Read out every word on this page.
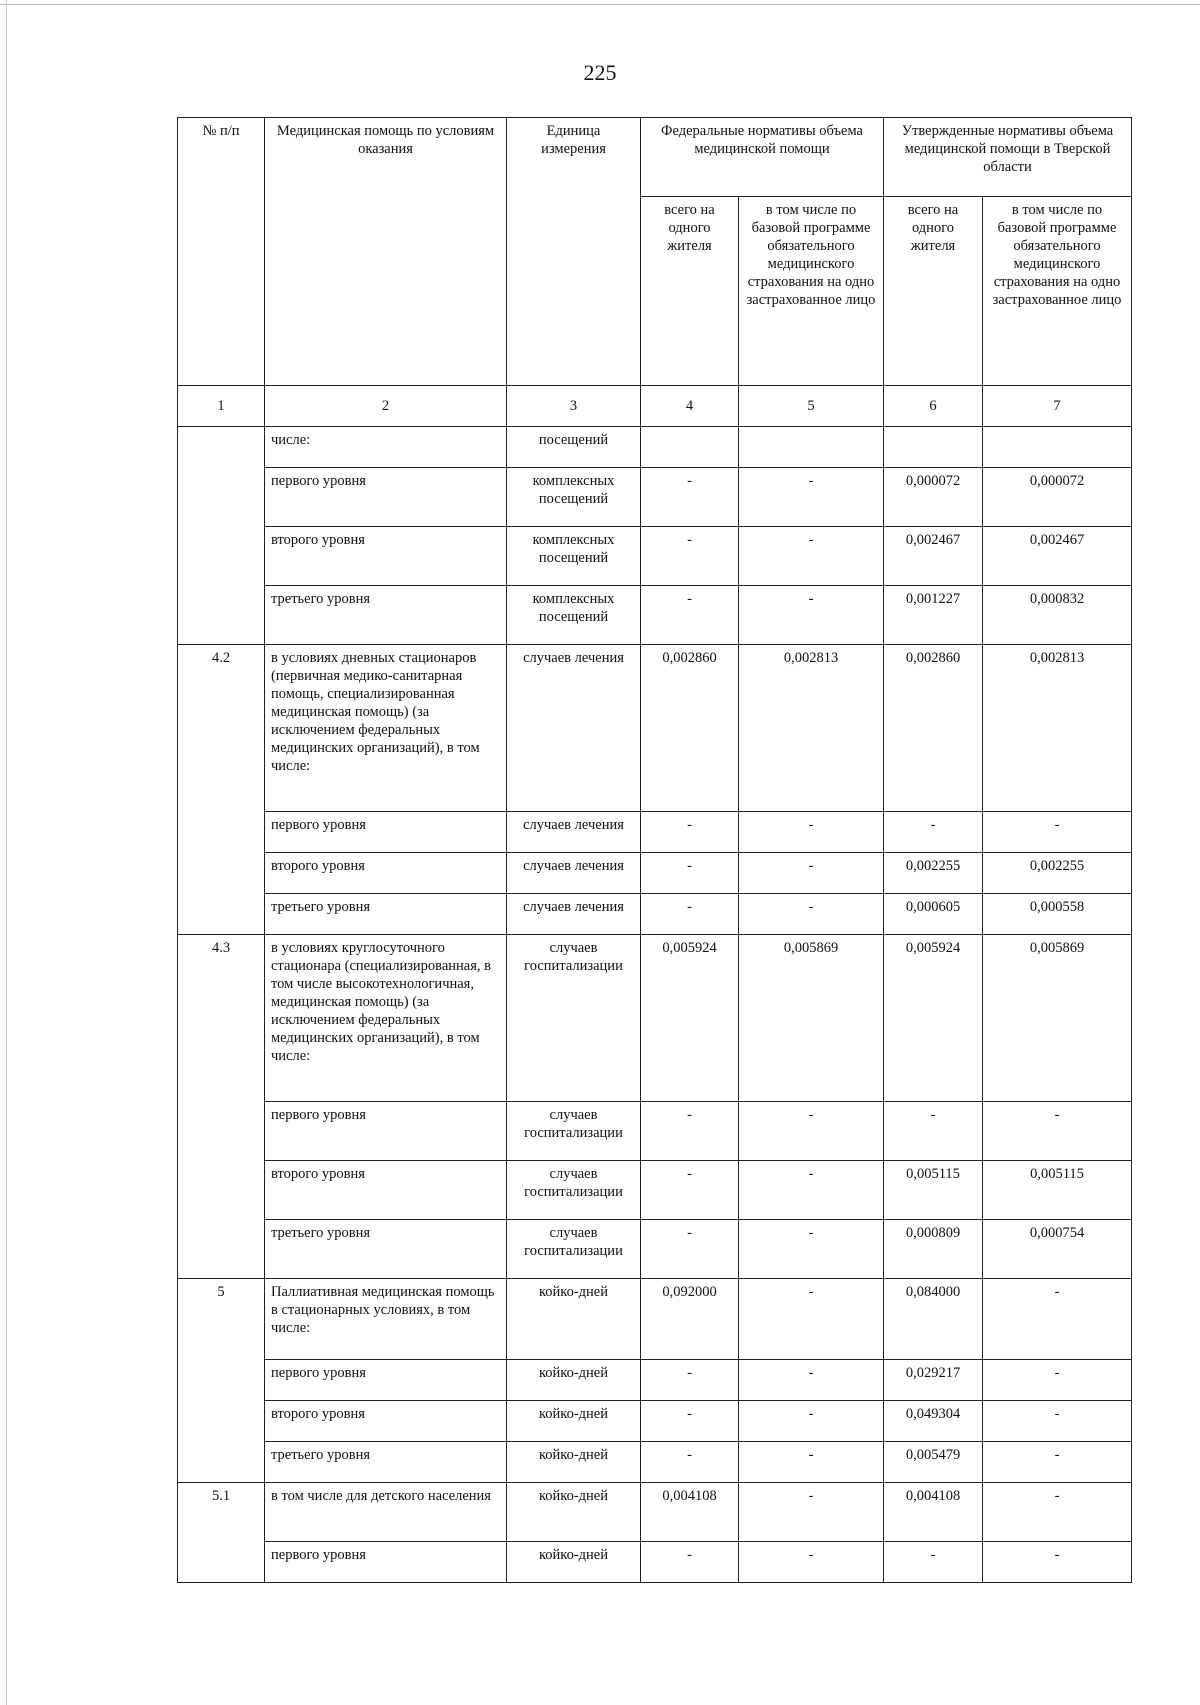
225
№ п/п	Медицинская помощь по условиям оказания	Единица измерения	Федеральные нормативы объема медицинской помощи		Утвержденные нормативы объема медицинской помощи в Тверской области	
			всего на одного жителя	в том числе по базовой программе обязательного медицинского страхования на одно застрахованное лицо	всего на одного жителя	в том числе по базовой программе обязательного медицинского страхования на одно застрахованное лицо
1	2	3	4	5	6	7
	числе:	посещений				
	первого уровня	комплексных посещений	-	-	0,000072	0,000072
	второго уровня	комплексных посещений	-	-	0,002467	0,002467
	третьего уровня	комплексных посещений	-	-	0,001227	0,000832
4.2	в условиях дневных стационаров (первичная медико-санитарная помощь, специализированная медицинская помощь) (за исключением федеральных медицинских организаций), в том числе:	случаев лечения	0,002860	0,002813	0,002860	0,002813
	первого уровня	случаев лечения	-	-	-	-
	второго уровня	случаев лечения	-	-	0,002255	0,002255
	третьего уровня	случаев лечения	-	-	0,000605	0,000558
4.3	в условиях круглосуточного стационара (специализированная, в том числе высокотехнологичная, медицинская помощь) (за исключением федеральных медицинских организаций), в том числе:	случаев госпитализации	0,005924	0,005869	0,005924	0,005869
	первого уровня	случаев госпитализации	-	-	-	-
	второго уровня	случаев госпитализации	-	-	0,005115	0,005115
	третьего уровня	случаев госпитализации	-	-	0,000809	0,000754
5	Паллиативная медицинская помощь в стационарных условиях, в том числе:	койко-дней	0,092000	-	0,084000	-
	первого уровня	койко-дней	-	-	0,029217	-
	второго уровня	койко-дней	-	-	0,049304	-
	третьего уровня	койко-дней	-	-	0,005479	-
5.1	в том числе для детского населения	койко-дней	0,004108	-	0,004108	-
	первого уровня	койко-дней	-	-	-	-
